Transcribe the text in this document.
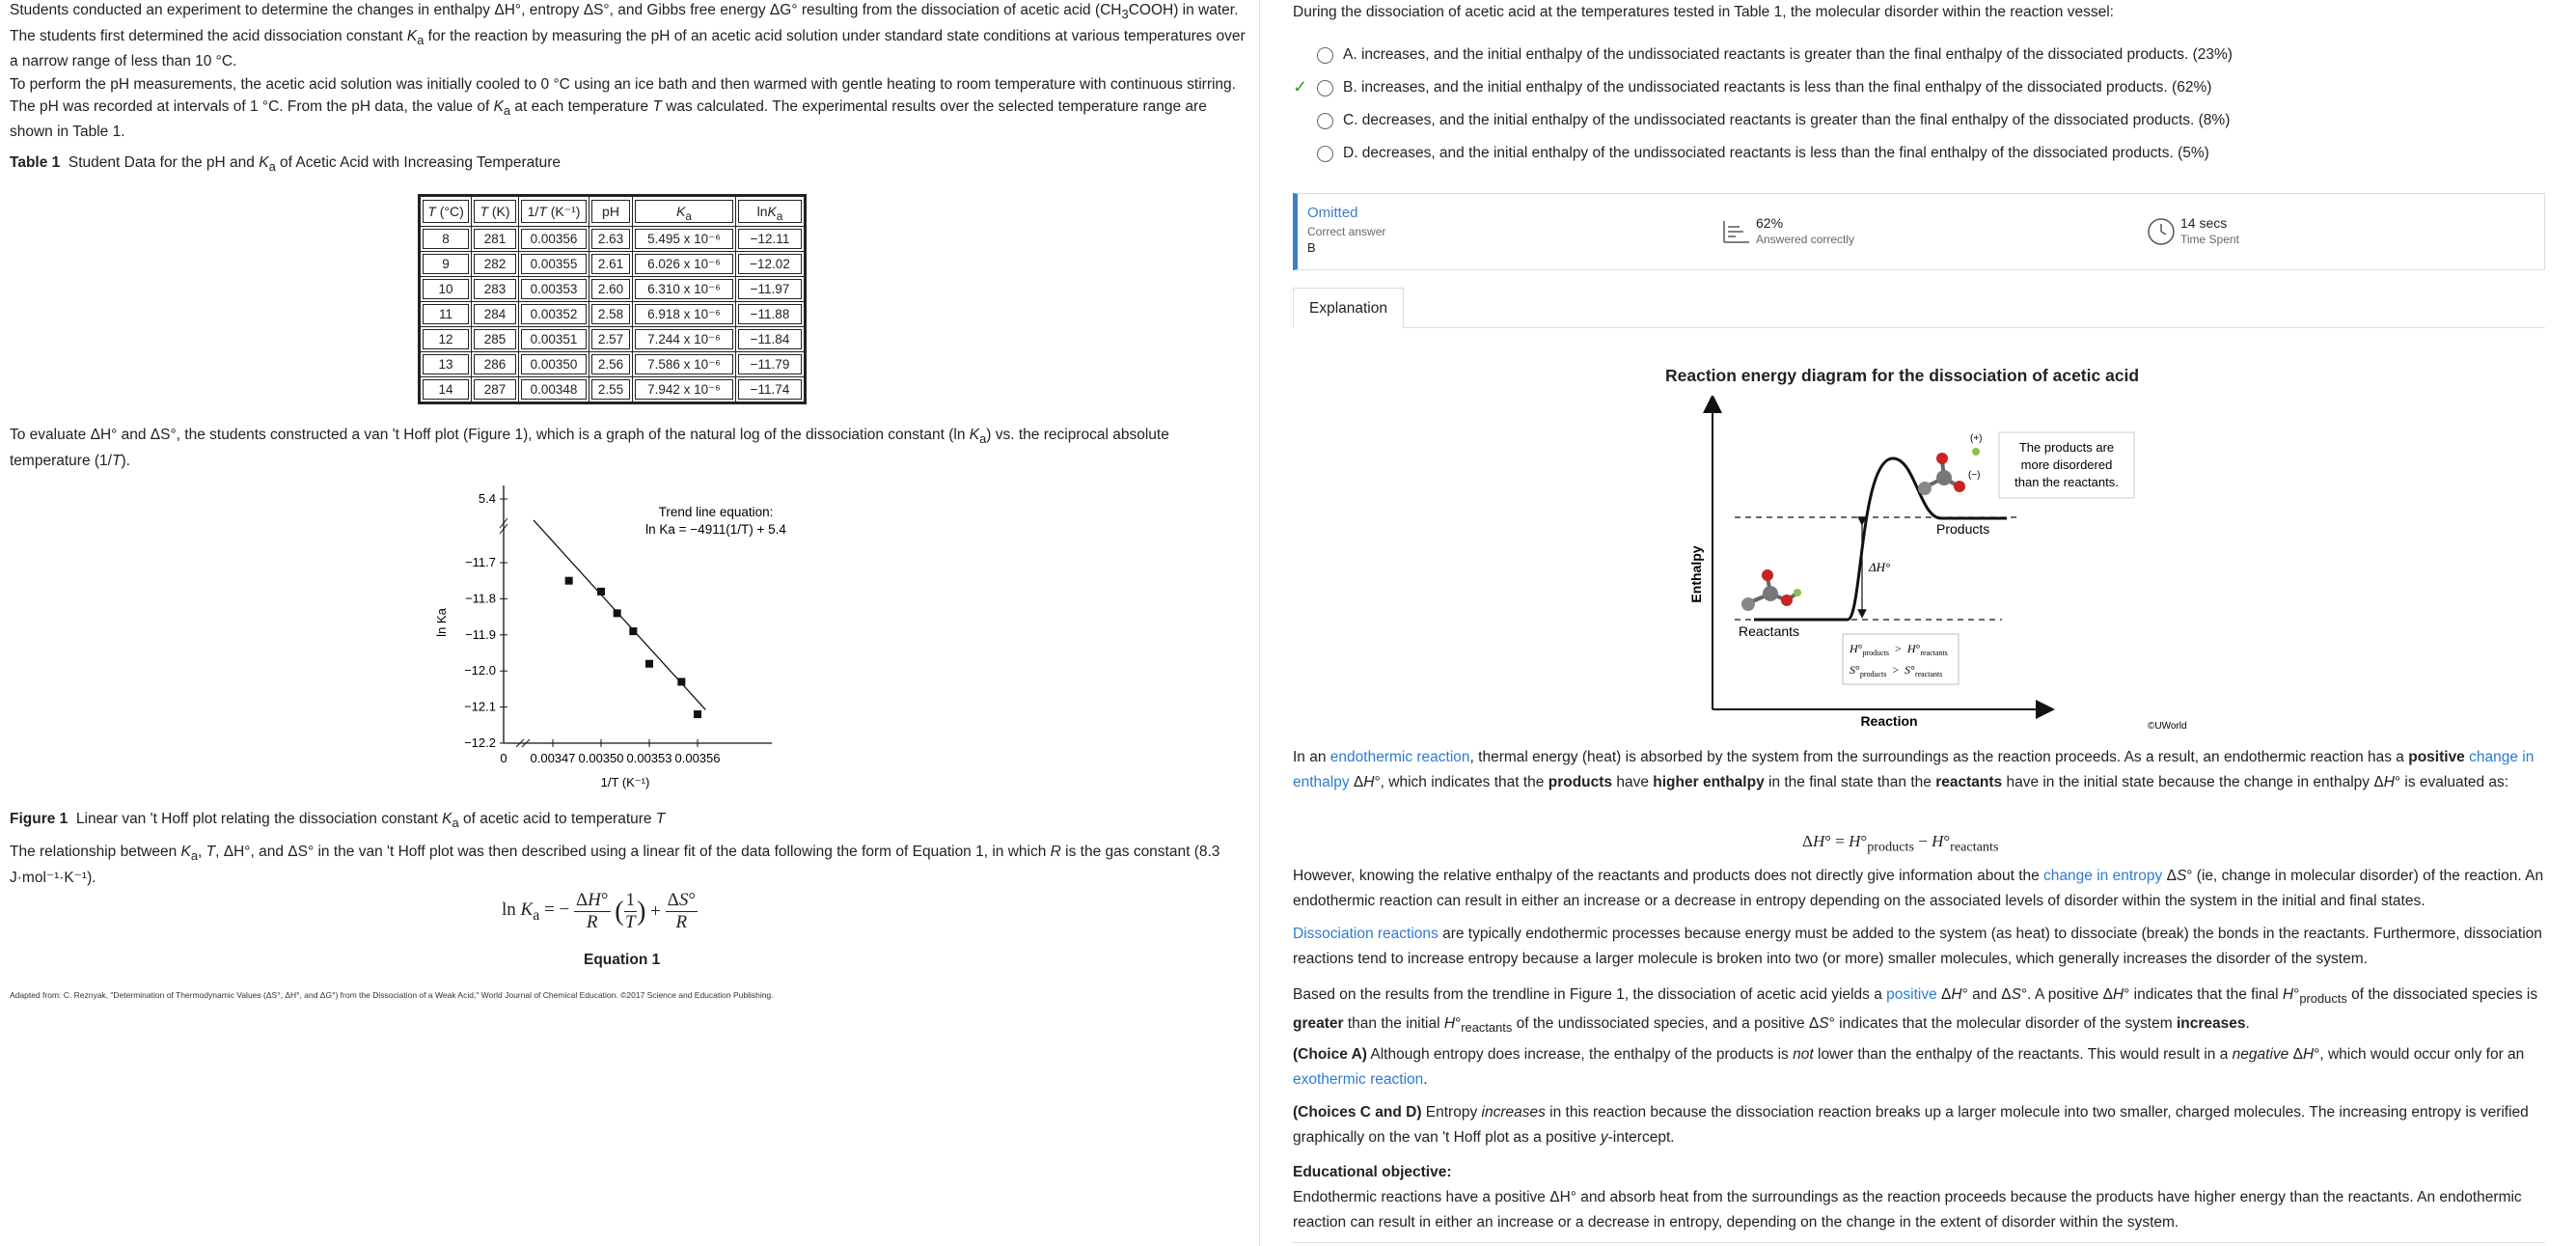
Students conducted an experiment to determine the changes in enthalpy ΔH°, entropy ΔS°, and Gibbs free energy ΔG° resulting from the dissociation of acetic acid $(CH_3COOH)$ in water. The students first determined the acid dissociation constant $K_a$ for the reaction by measuring the pH of an acetic acid solution under standard state conditions at various temperatures over a narrow range of less than 10 °C.

To perform the pH measurements, the acetic acid solution was initially cooled to 0 °C using an ice bath and then warmed with gentle heating to room temperature with continuous stirring. The pH was recorded at intervals of 1 °C. From the pH data, the value of $K_a$ at each temperature T was calculated. The experimental results over the selected temperature range are shown in Table 1.

Table 1 Student Data for the pH and $K_a$ of Acetic Acid with Increasing Temperature

T (°C)	T (K)	1/T (K⁻¹)	pH	$K_a$	lnK$_a$

8	281	0.00356	2.63	5.495 x 10⁻⁶	−12.11

9	282	0.00355	2.61	6.026 x 10⁻⁶	−12.02

10	283	0.00353	2.60	6.310 x 10⁻⁶	−11.97

11	284	0.00352	2.58	6.918 x 10⁻⁶	−11.88

12	285	0.00351	2.57	7.244 x 10⁻⁶	−11.84

13	286	0.00350	2.56	7.586 x 10⁻⁶	−11.79

14	287	0.00348	2.55	7.942 x 10⁻⁶	−11.74

To evaluate ΔH° and ΔS°, the students constructed a van 't Hoff plot (Figure 1), which is a graph of the natural log of the dissociation constant (ln $K_a$) vs. the reciprocal absolute temperature (1/T).

5.4
−11.7
−11.8
−11.9
−12.0
−12.1
−12.2
0 0.00347 0.00350 0.00353 0.00356
1/T (K⁻¹)
ln Ka
Trend line equation:
ln Ka = −4911(1/T) + 5.4
Figure 1 Linear van 't Hoff plot relating the dissociation constant $K_a$ of acetic acid to temperature T

The relationship between $K_a$, T, ΔH°, and ΔS° in the van 't Hoff plot was then described using a linear fit of the data following the form of Equation 1, in which R is the gas constant (8.3 J·mol⁻¹·K⁻¹).

$\ln K_a$ = − $\frac{\Delta H^\circ}{R}$ ( $\frac{1}{T}$ ) + $\frac{\Delta S^\circ}{R}$
Equation 1
Adapted from: C. Reznyak, "Determination of Thermodynamic Values (ΔS°, ΔH°, and ΔG°) from the Dissociation of a Weak Acid," World Journal of Chemical Education. ©2017 Science and Education Publishing.
During the dissociation of acetic acid at the temperatures tested in Table 1, the molecular disorder within the reaction vessel:
A. increases, and the initial enthalpy of the undissociated reactants is greater than the final enthalpy of the dissociated products. (23%)
✓ B. increases, and the initial enthalpy of the undissociated reactants is less than the final enthalpy of the dissociated products. (62%)
C. decreases, and the initial enthalpy of the undissociated reactants is greater than the final enthalpy of the dissociated products. (8%)
D. decreases, and the initial enthalpy of the undissociated reactants is less than the final enthalpy of the dissociated products. (5%)
Omitted
Correct answer
B
62%
Answered correctly
14 secs
Time Spent
Explanation
Reaction energy diagram for the dissociation of acetic acid
Enthalpy
Reaction
ΔH°
Reactants
Products
(+)
(−)
$H^\circ_{products} > H^\circ_{reactants}$
$S^\circ_{products} > S^\circ_{reactants}$
The products are
more disordered
than the reactants.
©UWorld

In an endothermic reaction, thermal energy (heat) is absorbed by the system from the surroundings as the reaction proceeds. As a result, an endothermic reaction has a positive change in enthalpy ΔH°, which indicates that the products have higher enthalpy in the final state than the reactants have in the initial state because the change in enthalpy ΔH° is evaluated as:

$\Delta H^\circ = H^\circ_{products} - H^\circ_{reactants}$

However, knowing the relative enthalpy of the reactants and products does not directly give information about the change in entropy ΔS° (ie, change in molecular disorder) of the reaction. An endothermic reaction can result in either an increase or a decrease in entropy depending on the associated levels of disorder within the system in the initial and final states.

Dissociation reactions are typically endothermic processes because energy must be added to the system (as heat) to dissociate (break) the bonds in the reactants. Furthermore, dissociation reactions tend to increase entropy because a larger molecule is broken into two (or more) smaller molecules, which generally increases the disorder of the system.

Based on the results from the trendline in Figure 1, the dissociation of acetic acid yields a positive ΔH° and ΔS°. A positive ΔH° indicates that the final $H^\circ_{products}$ of the dissociated species is greater than the initial $H^\circ_{reactants}$ of the undissociated species, and a positive ΔS° indicates that the molecular disorder of the system increases.

(Choice A) Although entropy does increase, the enthalpy of the products is not lower than the enthalpy of the reactants. This would result in a negative ΔH°, which would occur only for an exothermic reaction.

(Choices C and D) Entropy increases in this reaction because the dissociation reaction breaks up a larger molecule into two smaller, charged molecules. The increasing entropy is verified graphically on the van 't Hoff plot as a positive y-intercept.

Educational objective:

Endothermic reactions have a positive ΔH° and absorb heat from the surroundings as the reaction proceeds because the products have higher energy than the reactants. An endothermic reaction can result in either an increase or a decrease in entropy, depending on the change in the extent of disorder within the system.
